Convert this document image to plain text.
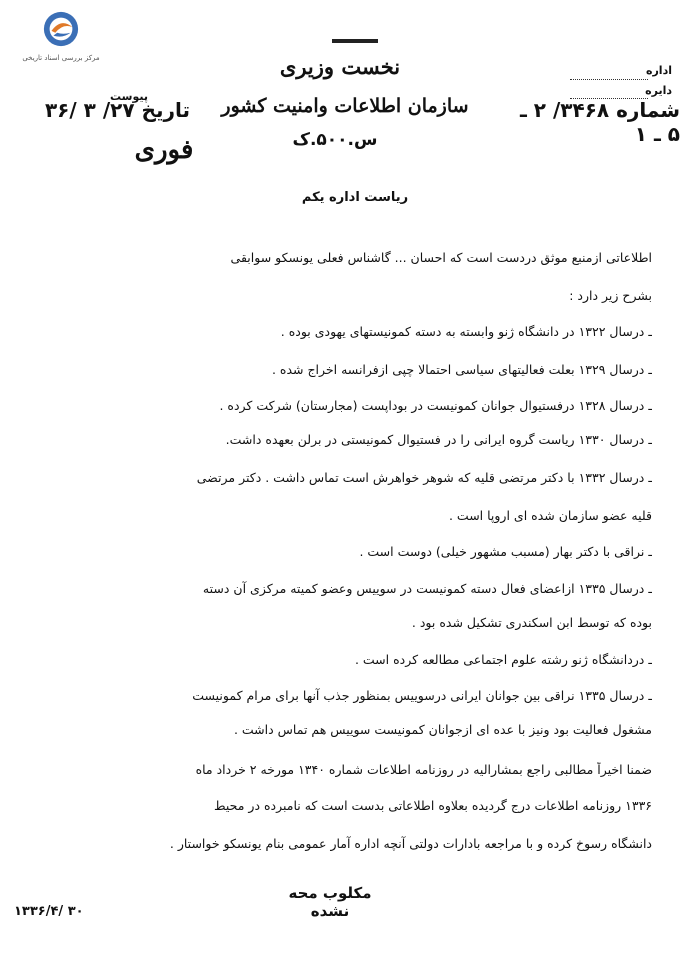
مرکز بررسی اسناد تاریخی	نخست وزیری
سازمان اطلاعات وامنیت کشور
س.۵۰۰.ک
اداره
دایره
شماره ۳۴۶۸/ ۲ ـ ۵ ـ ۱
پیوست
تاریخ ۲۷/ ۳ /۳۶
فوری
ریاست اداره یکم
اطلاعاتی ازمنبع موثق دردست است که احسان ... گاشناس فعلی یونسکو سوابقی
بشرح زیر دارد :
ـ درسال ۱۳۲۲ در دانشگاه ژنو وابسته به دسته کمونیستهای یهودی بوده .
ـ درسال ۱۳۲۹ بعلت فعالیتهای سیاسی احتمالا چپی ازفرانسه اخراج شده .
ـ درسال ۱۳۲۸ درفستیوال جوانان کمونیست در بوداپست (مجارستان) شرکت کرده .
ـ درسال ۱۳۳۰ ریاست گروه ایرانی را در فستیوال کمونیستی در برلن بعهده داشت.
ـ درسال ۱۳۳۲ با دکتر مرتضی قلیه که شوهر خواهرش است تماس داشت . دکتر مرتضی
قلیه عضو سازمان شده ای اروپا است .
ـ نراقی با دکتر بهار (مسبب مشهور خیلی) دوست است .
ـ درسال ۱۳۳۵ ازاعضای فعال دسته کمونیست در سوییس وعضو کمیته مرکزی آن دسته
بوده که توسط ابن اسکندری تشکیل شده بود .
ـ دردانشگاه ژنو رشته علوم اجتماعی مطالعه کرده است .
ـ درسال ۱۳۳۵ نراقی بین جوانان ایرانی درسوییس بمنظور جذب آنها برای مرام کمونیست
مشغول فعالیت بود ونیز با عده ای ازجوانان کمونیست سوییس هم تماس داشت .
ضمنا اخیراً مطالبی راجع بمشارالیه در روزنامه اطلاعات شماره ۱۳۴۰ مورخه ۲ خرداد ماه
۱۳۳۶ روزنامه اطلاعات درج گردیده بعلاوه اطلاعاتی بدست است که نامبرده در محیط
دانشگاه رسوخ کرده و با مراجعه بادارات دولتی آنچه اداره آمار عمومی بنام یونسکو خواستار .
مکلوب محه نشده
۱۳۳۶/۴/ ۳۰
